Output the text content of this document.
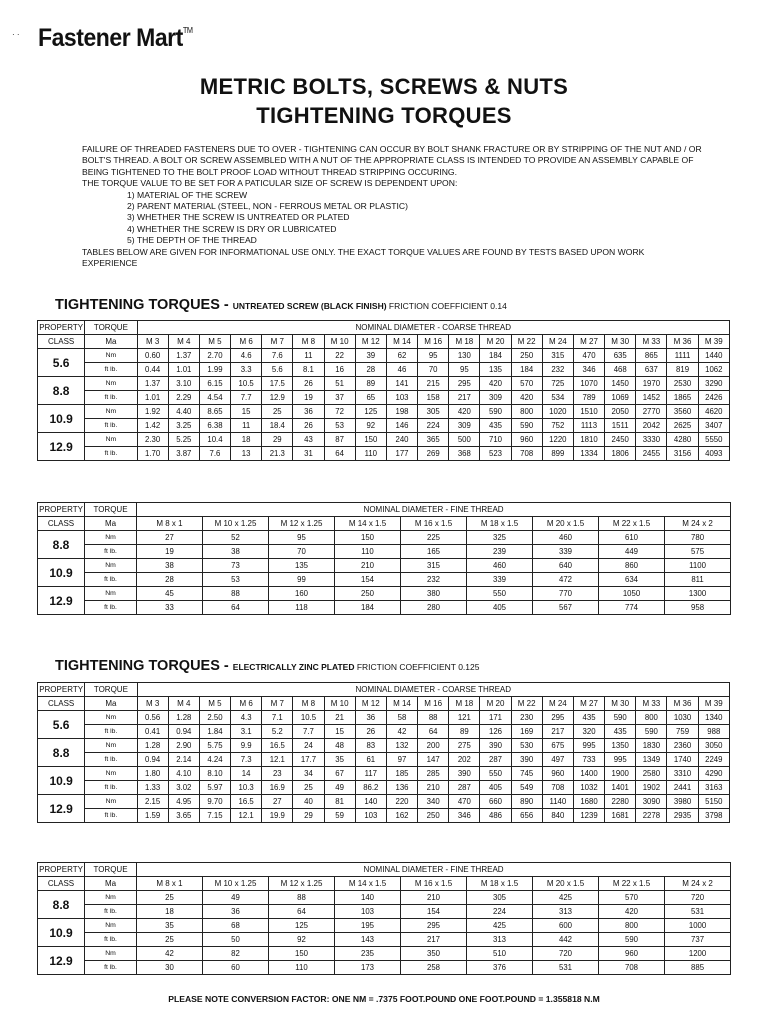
· · Fastener Mart™
METRIC BOLTS, SCREWS & NUTS
TIGHTENING TORQUES

FAILURE OF THREADED FASTENERS DUE TO OVER - TIGHTENING CAN OCCUR BY BOLT SHANK FRACTURE OR BY STRIPPING OF THE NUT AND / OR BOLT'S THREAD. A BOLT OR SCREW ASSEMBLED WITH A NUT OF THE APPROPRIATE CLASS IS INTENDED TO PROVIDE AN ASSEMBLY CAPABLE OF BEING TIGHTENED TO THE BOLT PROOF LOAD WITHOUT THREAD STRIPPING OCCURING.

THE TORQUE VALUE TO BE SET FOR A PATICULAR SIZE OF SCREW IS DEPENDENT UPON:

1) MATERIAL OF THE SCREW

2) PARENT MATERIAL (STEEL, NON - FERROUS METAL OR PLASTIC)

3) WHETHER THE SCREW IS UNTREATED OR PLATED

4) WHETHER THE SCREW IS DRY OR LUBRICATED

5) THE DEPTH OF THE THREAD

TABLES BELOW ARE GIVEN FOR INFORMATIONAL USE ONLY. THE EXACT TORQUE VALUES ARE FOUND BY TESTS BASED UPON WORK EXPERIENCE

TIGHTENING TORQUES - UNTREATED SCREW (BLACK FINISH) FRICTION COEFFICIENT 0.14
PROPERTY	TORQUE	NOMINAL DIAMETER - COARSE THREAD																		
CLASS	Ma	M 3	M 4	M 5	M 6	M 7	M 8	M 10	M 12	M 14	M 16	M 18	M 20	M 22	M 24	M 27	M 30	M 33	M 36	M 39
5.6	Nm	0.60	1.37	2.70	4.6	7.6	11	22	39	62	95	130	184	250	315	470	635	865	1111	1440
	ft lb.	0.44	1.01	1.99	3.3	5.6	8.1	16	28	46	70	95	135	184	232	346	468	637	819	1062
8.8	Nm	1.37	3.10	6.15	10.5	17.5	26	51	89	141	215	295	420	570	725	1070	1450	1970	2530	3290
	ft lb.	1.01	2.29	4.54	7.7	12.9	19	37	65	103	158	217	309	420	534	789	1069	1452	1865	2426
10.9	Nm	1.92	4.40	8.65	15	25	36	72	125	198	305	420	590	800	1020	1510	2050	2770	3560	4620
	ft lb.	1.42	3.25	6.38	11	18.4	26	53	92	146	224	309	435	590	752	1113	1511	2042	2625	3407
12.9	Nm	2.30	5.25	10.4	18	29	43	87	150	240	365	500	710	960	1220	1810	2450	3330	4280	5550
	ft lb.	1.70	3.87	7.6	13	21.3	31	64	110	177	269	368	523	708	899	1334	1806	2455	3156	4093
PROPERTY	TORQUE	NOMINAL DIAMETER - FINE THREAD								
CLASS	Ma	M 8 x 1	M 10 x 1.25	M 12 x 1.25	M 14 x 1.5	M 16 x 1.5	M 18 x 1.5	M 20 x 1.5	M 22 x 1.5	M 24 x 2
8.8	Nm	27	52	95	150	225	325	460	610	780
	ft lb.	19	38	70	110	165	239	339	449	575
10.9	Nm	38	73	135	210	315	460	640	860	1100
	ft lb.	28	53	99	154	232	339	472	634	811
12.9	Nm	45	88	160	250	380	550	770	1050	1300
	ft lb.	33	64	118	184	280	405	567	774	958
TIGHTENING TORQUES - ELECTRICALLY ZINC PLATED FRICTION COEFFICIENT 0.125
PROPERTY	TORQUE	NOMINAL DIAMETER - COARSE THREAD																		
CLASS	Ma	M 3	M 4	M 5	M 6	M 7	M 8	M 10	M 12	M 14	M 16	M 18	M 20	M 22	M 24	M 27	M 30	M 33	M 36	M 39
5.6	Nm	0.56	1.28	2.50	4.3	7.1	10.5	21	36	58	88	121	171	230	295	435	590	800	1030	1340
	ft lb.	0.41	0.94	1.84	3.1	5.2	7.7	15	26	42	64	89	126	169	217	320	435	590	759	988
8.8	Nm	1.28	2.90	5.75	9.9	16.5	24	48	83	132	200	275	390	530	675	995	1350	1830	2360	3050
	ft lb.	0.94	2.14	4.24	7.3	12.1	17.7	35	61	97	147	202	287	390	497	733	995	1349	1740	2249
10.9	Nm	1.80	4.10	8.10	14	23	34	67	117	185	285	390	550	745	960	1400	1900	2580	3310	4290
	ft lb.	1.33	3.02	5.97	10.3	16.9	25	49	86.2	136	210	287	405	549	708	1032	1401	1902	2441	3163
12.9	Nm	2.15	4.95	9.70	16.5	27	40	81	140	220	340	470	660	890	1140	1680	2280	3090	3980	5150
	ft lb.	1.59	3.65	7.15	12.1	19.9	29	59	103	162	250	346	486	656	840	1239	1681	2278	2935	3798
PROPERTY	TORQUE	NOMINAL DIAMETER - FINE THREAD								
CLASS	Ma	M 8 x 1	M 10 x 1.25	M 12 x 1.25	M 14 x 1.5	M 16 x 1.5	M 18 x 1.5	M 20 x 1.5	M 22 x 1.5	M 24 x 2
8.8	Nm	25	49	88	140	210	305	425	570	720
	ft lb.	18	36	64	103	154	224	313	420	531
10.9	Nm	35	68	125	195	295	425	600	800	1000
	ft lb.	25	50	92	143	217	313	442	590	737
12.9	Nm	42	82	150	235	350	510	720	960	1200
	ft lb.	30	60	110	173	258	376	531	708	885
PLEASE NOTE CONVERSION FACTOR: ONE NM = .7375 FOOT.POUND ONE FOOT.POUND = 1.355818 N.M
